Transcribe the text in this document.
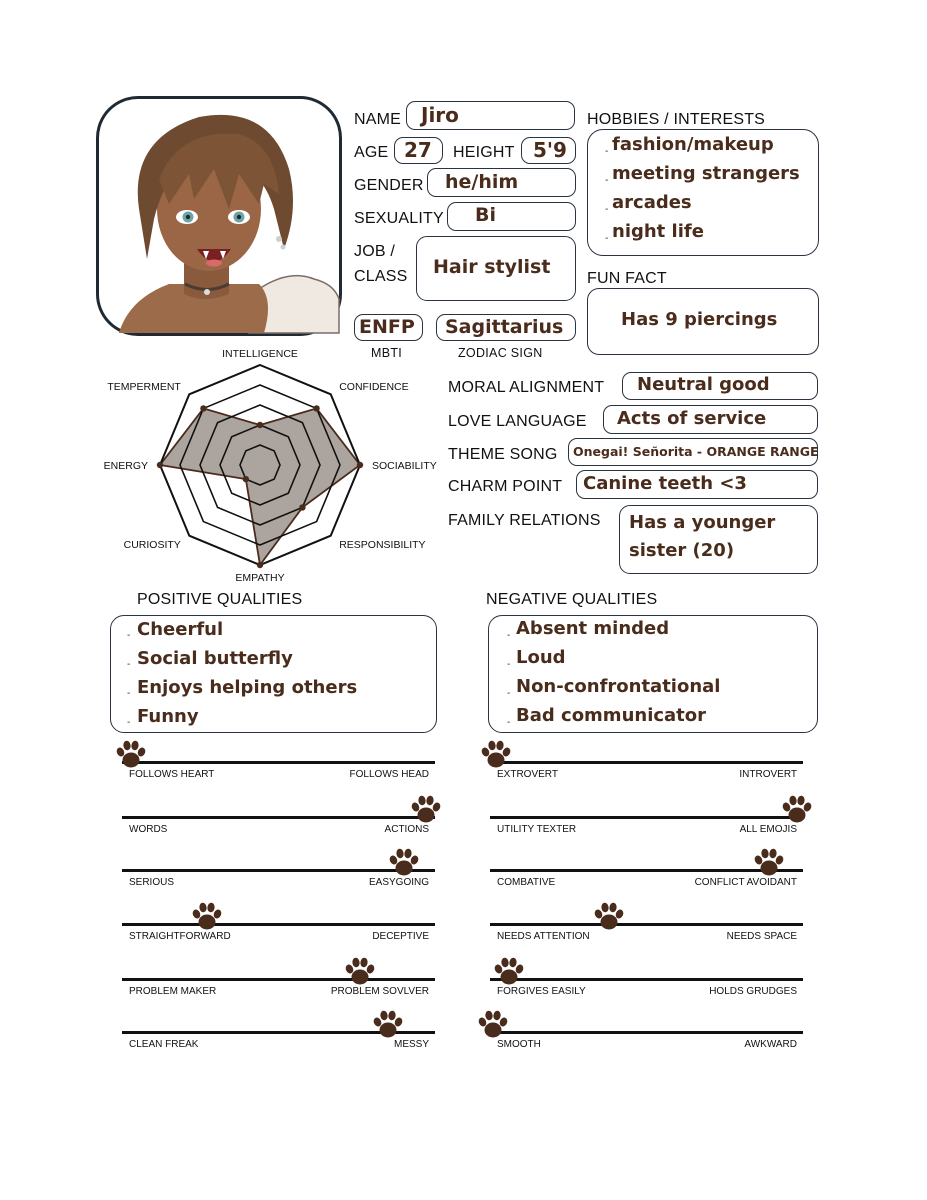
NAME Jiro
AGE 27 HEIGHT 5'9
GENDER he/him
SEXUALITY Bi
JOB /
CLASS Hair stylist
ENFP
MBTI
Sagittarius
ZODIAC SIGN
HOBBIES / INTERESTS
- fashion/makeup
- meeting strangers
- arcades
- night life
FUN FACT
Has 9 piercings
INTELLIGENCE
CONFIDENCE
SOCIABILITY
RESPONSIBILITY
EMPATHY
CURIOSITY
ENERGY
TEMPERMENT	MORAL ALIGNMENT Neutral good
LOVE LANGUAGE Acts of service
THEME SONG Onegai! Señorita - ORANGE RANGE
CHARM POINT Canine teeth <3
FAMILY RELATIONS Has a younger
sister (20)
POSITIVE QUALITIES
- Cheerful
- Social butterfly
- Enjoys helping others
- Funny
NEGATIVE QUALITIES
- Absent minded
- Loud
- Non-confrontational
- Bad communicator
FOLLOWS HEART	FOLLOWS HEAD
WORDS	ACTIONS
SERIOUS	EASYGOING
STRAIGHTFORWARD	DECEPTIVE
PROBLEM MAKER	PROBLEM SOVLVER
CLEAN FREAK	MESSY
EXTROVERT	INTROVERT
UTILITY TEXTER	ALL EMOJIS
COMBATIVE	CONFLICT AVOIDANT
NEEDS ATTENTION	NEEDS SPACE
FORGIVES EASILY	HOLDS GRUDGES
SMOOTH	AWKWARD
